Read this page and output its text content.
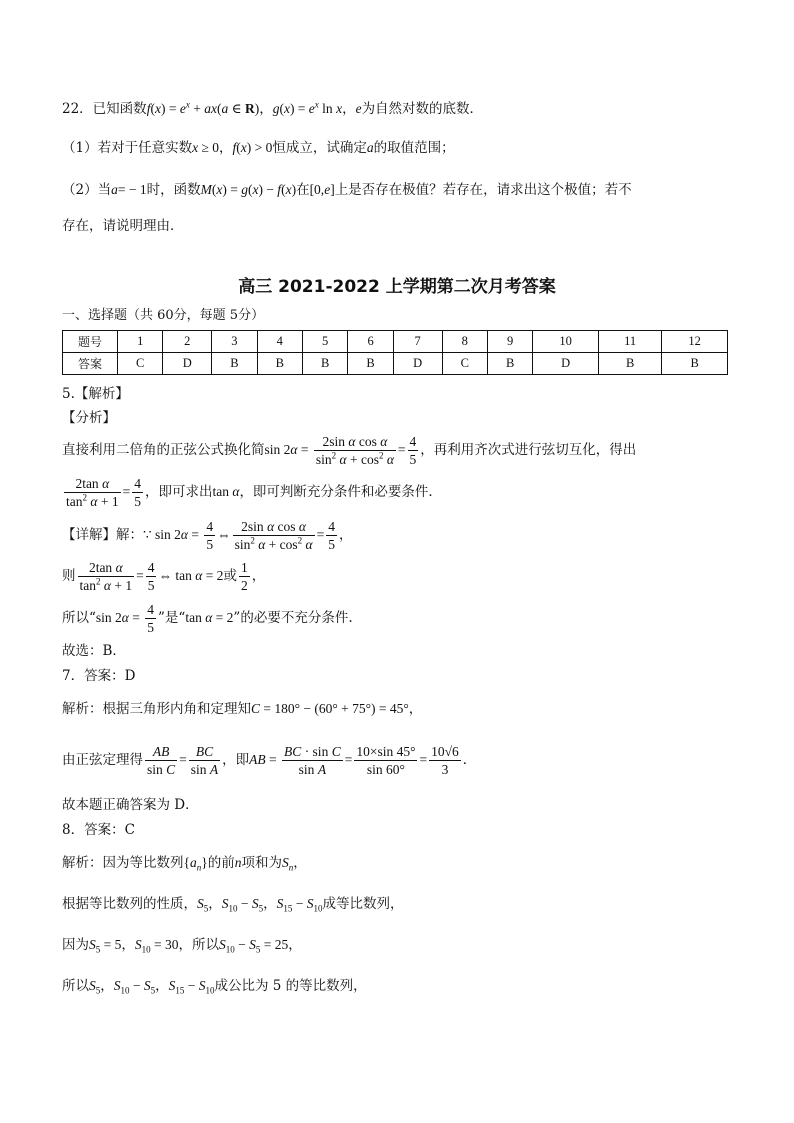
22．已知函数$f(x) = e^x + ax(a$ ∈ R)，$g(x) = e^x$ ln x，e为自然对数的底数．
（1）若对于任意实数x ≥ 0，f(x) > 0恒成立，试确定a的取值范围；
（2）当a= − 1时，函数M(x) = g(x) − f(x)在[0,e]上是否存在极值？若存在，请求出这个极值；若不
存在，请说明理由．
高三 2021-2022 上学期第二次月考答案
一、选择题（共 60分，每题 5分）
题号	1	2	3	4	5	6	7	8	9	10	11	12
答案	C	D	B	B	B	B	D	C	B	D	B	B
5.【解析】
【分析】
直接利用二倍角的正弦公式换化简$\sin 2\alpha = \frac{\text{2sin α cos α}}{\sin^2 \alpha + \cos^2 \alpha} = \frac{4}{5}$ ，再利用齐次式进行弦切互化，得出
$\frac{\text{2tan α}}{\tan^2 \alpha + 1} = \frac{4}{5}$ ，即可求出tan α，即可判断充分条件和必要条件．
【详解】解：∵ $\sin 2\alpha = \frac{4}{5}$ ⇔ $\frac{\text{2sin α cos α}}{\sin^2 \alpha + \cos^2 \alpha} = \frac{4}{5}$ ，
则 $\frac{\text{2tan α}}{\tan^2 \alpha + 1} = \frac{4}{5}$ ⇔ tan α = 2或 $\frac{1}{2}$ ，
所以“sin $2\alpha = \frac{4}{5}$ ”是“tan α = 2”的必要不充分条件.
故选：B．
7．答案：D
解析：根据三角形内角和定理知C = 180° − (60° + 75°) = 45°，
由正弦定理得 $\frac{AB}{\text{sin C}} = \frac{BC}{\text{sin A}}$ ，即AB = $\frac{\text{BC · sin C}}{\text{sin A}} = \frac{10\times\sin 45^\circ}{\sin 60^\circ} = \frac{10√6}{3}$ ．
故本题正确答案为 D．
8．答案：C
解析：因为等比数列$\{a_n\}$的前n项和为$S_n$，
根据等比数列的性质，$S_5$，$S_{10} - S_5$，$S_{15} - S_{10}$成等比数列，
因为$S_5 = 5$，$S_{10} = 30$，所以$S_{10} - S_5 = 25$，
所以$S_5$，$S_{10} - S_5$，$S_{15} - S_{10}$成公比为 5 的等比数列，
